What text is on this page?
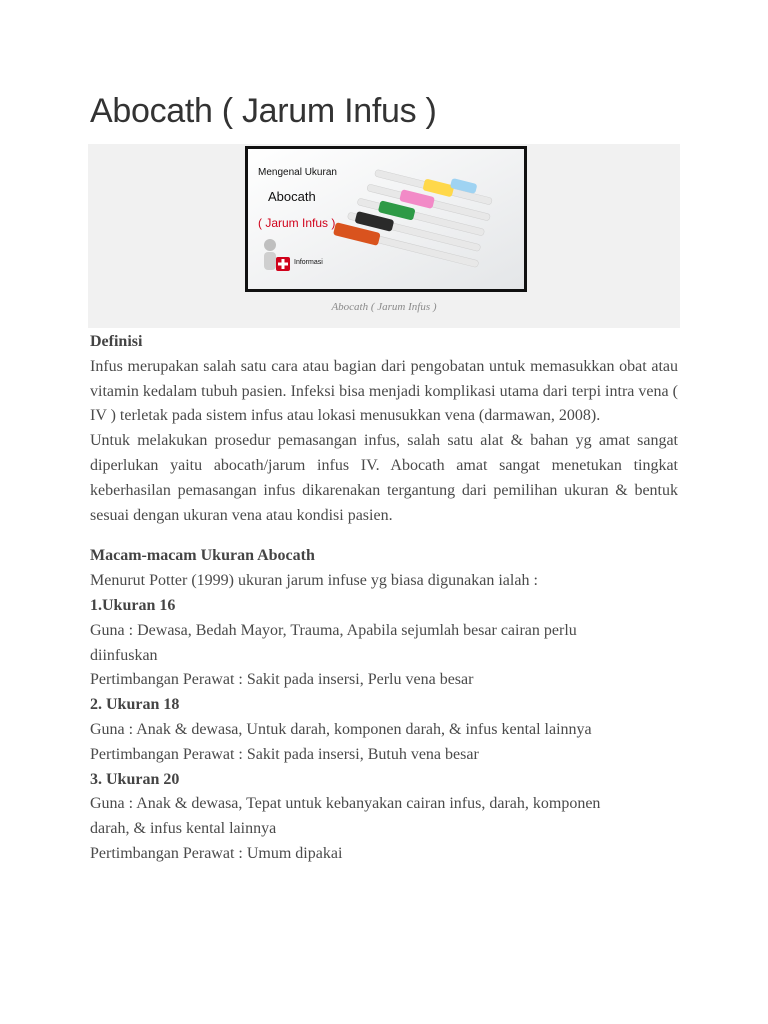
Abocath ( Jarum Infus )
Mengenal Ukuran
Abocath
( Jarum Infus )
Informasi
Abocath ( Jarum Infus )

Definisi

Infus merupakan salah satu cara atau bagian dari pengobatan untuk memasukkan obat atau vitamin kedalam tubuh pasien. Infeksi bisa menjadi komplikasi utama dari terpi intra vena ( IV ) terletak pada sistem infus atau lokasi menusukkan vena (darmawan, 2008).

Untuk melakukan prosedur pemasangan infus, salah satu alat & bahan yg amat sangat diperlukan yaitu abocath/jarum infus IV. Abocath amat sangat menetukan tingkat keberhasilan pemasangan infus dikarenakan tergantung dari pemilihan ukuran & bentuk sesuai dengan ukuran vena atau kondisi pasien.

Macam-macam Ukuran Abocath

Menurut Potter (1999) ukuran jarum infuse yg biasa digunakan ialah :

1.Ukuran 16

Guna : Dewasa, Bedah Mayor, Trauma, Apabila sejumlah besar cairan perlu

diinfuskan

Pertimbangan Perawat : Sakit pada insersi, Perlu vena besar

2. Ukuran 18

Guna : Anak & dewasa, Untuk darah, komponen darah, & infus kental lainnya

Pertimbangan Perawat : Sakit pada insersi, Butuh vena besar

3. Ukuran 20

Guna : Anak & dewasa, Tepat untuk kebanyakan cairan infus, darah, komponen

darah, & infus kental lainnya

Pertimbangan Perawat : Umum dipakai
